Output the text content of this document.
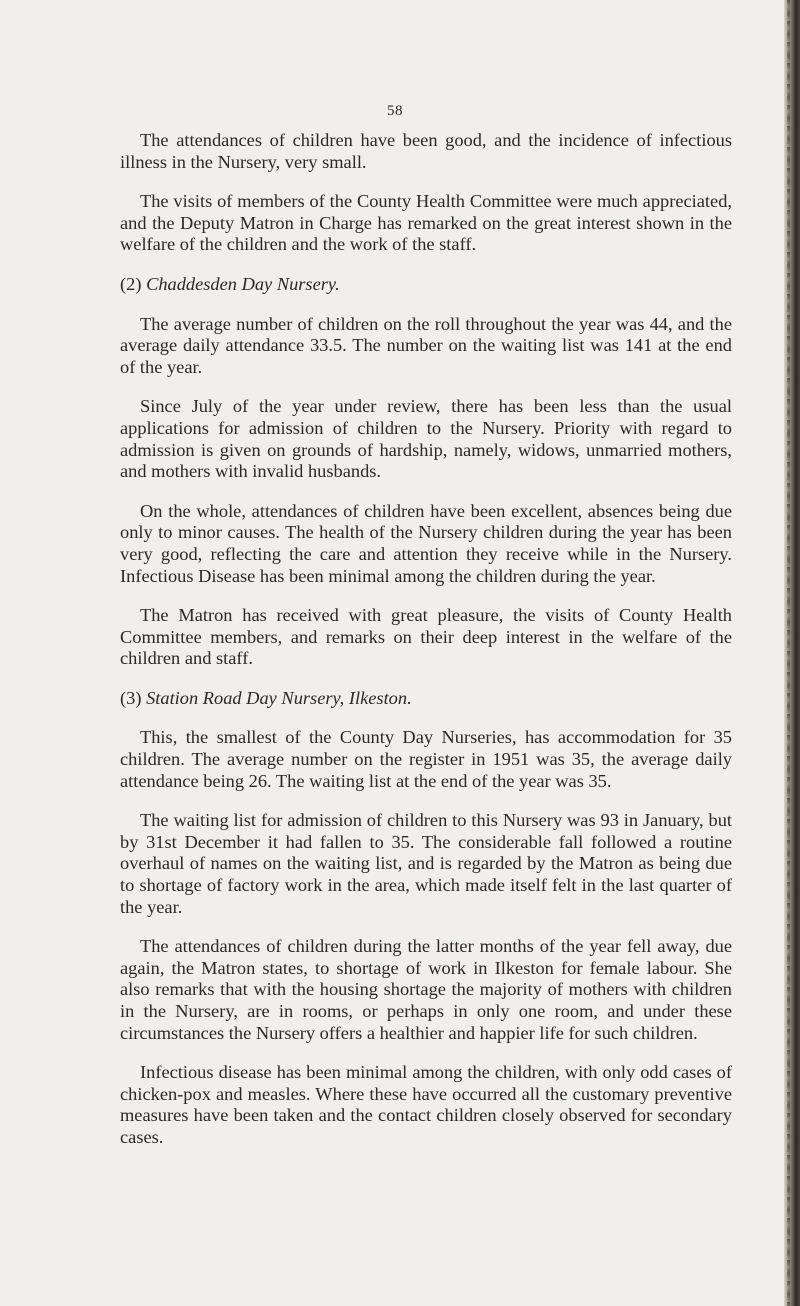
58

The attendances of children have been good, and the incidence of infectious illness in the Nursery, very small.

The visits of members of the County Health Committee were much appreciated, and the Deputy Matron in Charge has remarked on the great interest shown in the welfare of the children and the work of the staff.

(2) Chaddesden Day Nursery.

The average number of children on the roll throughout the year was 44, and the average daily attendance 33.5. The number on the waiting list was 141 at the end of the year.

Since July of the year under review, there has been less than the usual applications for admission of children to the Nursery. Priority with regard to admission is given on grounds of hardship, namely, widows, unmarried mothers, and mothers with invalid husbands.

On the whole, attendances of children have been excellent, absences being due only to minor causes. The health of the Nursery children during the year has been very good, reflecting the care and attention they receive while in the Nursery. Infectious Disease has been minimal among the children during the year.

The Matron has received with great pleasure, the visits of County Health Committee members, and remarks on their deep interest in the welfare of the children and staff.

(3) Station Road Day Nursery, Ilkeston.

This, the smallest of the County Day Nurseries, has accommodation for 35 children. The average number on the register in 1951 was 35, the average daily attendance being 26. The waiting list at the end of the year was 35.

The waiting list for admission of children to this Nursery was 93 in January, but by 31st December it had fallen to 35. The considerable fall followed a routine overhaul of names on the waiting list, and is regarded by the Matron as being due to shortage of factory work in the area, which made itself felt in the last quarter of the year.

The attendances of children during the latter months of the year fell away, due again, the Matron states, to shortage of work in Ilkeston for female labour. She also remarks that with the housing shortage the majority of mothers with children in the Nursery, are in rooms, or perhaps in only one room, and under these circumstances the Nursery offers a healthier and happier life for such children.

Infectious disease has been minimal among the children, with only odd cases of chicken-pox and measles. Where these have occurred all the customary preventive measures have been taken and the contact children closely observed for secondary cases.
